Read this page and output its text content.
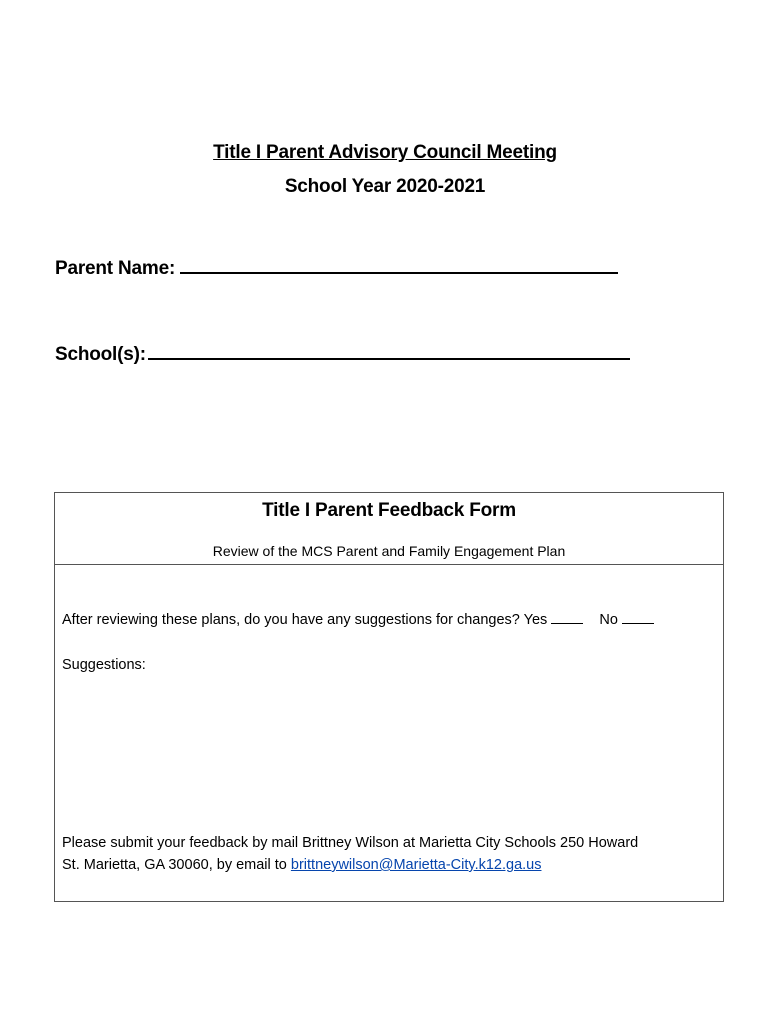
Title I Parent Advisory Council Meeting
School Year 2020-2021
Parent Name:
School(s):
Title I Parent Feedback Form
Review of the MCS Parent and Family Engagement Plan
After reviewing these plans, do you have any suggestions for changes? Yes	No
Suggestions:
Please submit your feedback by mail Brittney Wilson at Marietta City Schools 250 Howard
St. Marietta, GA 30060, by email to brittneywilson@Marietta-City.k12.ga.us
